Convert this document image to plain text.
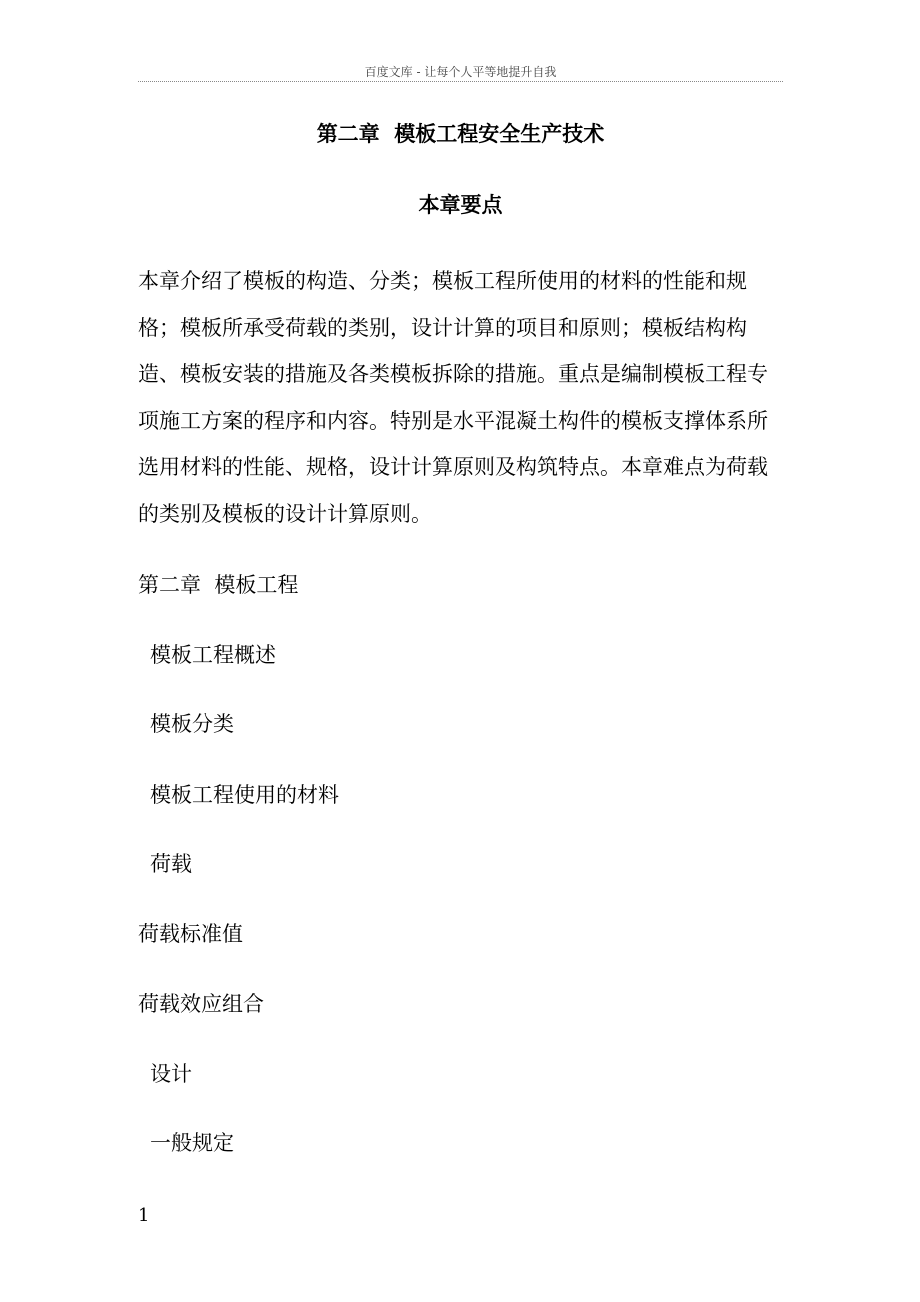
百度文库 - 让每个人平等地提升自我
第二章  模板工程安全生产技术
本章要点

本章介绍了模板的构造、分类；模板工程所使用的材料的性能和规格；模板所承受荷载的类别，设计计算的项目和原则；模板结构构造、模板安装的措施及各类模板拆除的措施。重点是编制模板工程专项施工方案的程序和内容。特别是水平混凝土构件的模板支撑体系所选用材料的性能、规格，设计计算原则及构筑特点。本章难点为荷载的类别及模板的设计计算原则。

第二章  模板工程
模板工程概述
模板分类
模板工程使用的材料
荷载
荷载标准值
荷载效应组合
设计
一般规定
1
